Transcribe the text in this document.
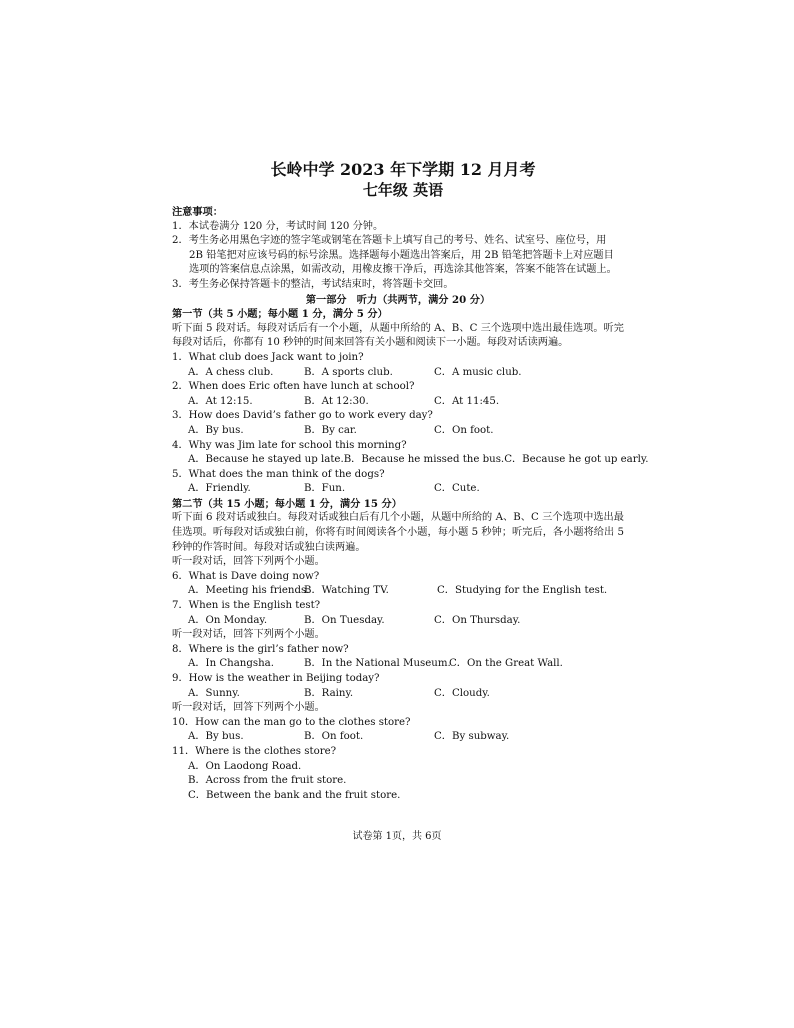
长岭中学 2023 年下学期 12 月月考
七年级 英语
注意事项：
1．本试卷满分 120 分，考试时间 120 分钟。
2．考生务必用黑色字迹的签字笔或钢笔在答题卡上填写自己的考号、姓名、试室号、座位号，用
2B 铅笔把对应该号码的标号涂黑。选择题每小题选出答案后，用 2B 铅笔把答题卡上对应题目
选项的答案信息点涂黑，如需改动，用橡皮擦干净后，再选涂其他答案，答案不能答在试题上。
3．考生务必保持答题卡的整洁，考试结束时，将答题卡交回。
第一部分　听力（共两节，满分 20 分）
第一节（共 5 小题；每小题 1 分，满分 5 分）
听下面 5 段对话。每段对话后有一个小题，从题中所给的 A、B、C 三个选项中选出最佳选项。听完每段对话后，你都有 10 秒钟的时间来回答有关小题和阅读下一小题。每段对话读两遍。
1．What club does Jack want to join?
A．A chess club.	B．A sports club.	C．A music club.
2．When does Eric often have lunch at school?
A．At 12:15.	B．At 12:30.	C．At 11:45.
3．How does David’s father go to work every day?
A．By bus.	B．By car.	C．On foot.
4．Why was Jim late for school this morning?
A．Because he stayed up late. B．Because he missed the bus. C．Because he got up early.
5．What does the man think of the dogs?
A．Friendly.	B．Fun.	C．Cute.
第二节（共 15 小题；每小题 1 分，满分 15 分）
听下面 6 段对话或独白。每段对话或独白后有几个小题，从题中所给的 A、B、C 三个选项中选出最佳选项。听每段对话或独白前，你将有时间阅读各个小题，每小题 5 秒钟；听完后，各小题将给出 5 秒钟的作答时间。每段对话或独白读两遍。
听一段对话，回答下列两个小题。
6．What is Dave doing now?
A．Meeting his friends.
B．Watching TV.	C．Studying for the English test.
7．When is the English test?
A．On Monday.	B．On Tuesday.	C．On Thursday.
听一段对话，回答下列两个小题。
8．Where is the girl’s father now?
A．In Changsha.	B．In the National Museum.
C．On the Great Wall.
9．How is the weather in Beijing today?
A．Sunny.	B．Rainy.	C．Cloudy.
听一段对话，回答下列两个小题。
10．How can the man go to the clothes store?
A．By bus.	B．On foot.	C．By subway.
11．Where is the clothes store?
A．On Laodong Road.
B．Across from the fruit store.
C．Between the bank and the fruit store.
试卷第 1页，共 6页
